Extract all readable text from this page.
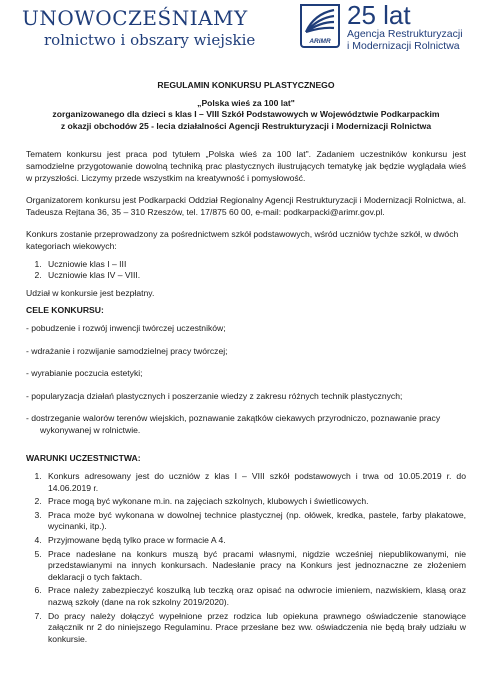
UNOWOCZEŚNIAMY
rolnictwo i obszary wiejskie	ARiMR
25 lat
Agencja Restrukturyzacji
i Modernizacji Rolnictwa

REGULAMIN KONKURSU PLASTYCZNEGO

„Polska wieś za 100 lat"
zorganizowanego dla dzieci s klas I – VIII Szkół Podstawowych w Województwie Podkarpackim
z okazji obchodów 25 - lecia działalności Agencji Restrukturyzacji i Modernizacji Rolnictwa

Tematem konkursu jest praca pod tytułem „Polska wieś za 100 lat". Zadaniem uczestników konkursu jest samodzielne przygotowanie dowolną techniką prac plastycznych ilustrujących tematykę jak będzie wyglądała wieś w przyszłości. Liczymy przede wszystkim na kreatywność i pomysłowość.

Organizatorem konkursu jest Podkarpacki Oddział Regionalny Agencji Restrukturyzacji i Modernizacji Rolnictwa, al. Tadeusza Rejtana 36, 35 – 310 Rzeszów, tel. 17/875 60 00, e-mail: podkarpacki@arimr.gov.pl.

Konkurs zostanie przeprowadzony za pośrednictwem szkół podstawowych, wśród uczniów tychże szkół, w dwóch kategoriach wiekowych:

1. Uczniowie klas I – III
2. Uczniowie klas IV – VIII.

Udział w konkursie jest bezpłatny.

CELE KONKURSU:

- pobudzenie i rozwój inwencji twórczej uczestników;

- wdrażanie i rozwijanie samodzielnej pracy twórczej;

- wyrabianie poczucia estetyki;

- popularyzacja działań plastycznych i poszerzanie wiedzy z zakresu różnych technik plastycznych;

- dostrzeganie walorów terenów wiejskich, poznawanie zakątków ciekawych przyrodniczo, poznawanie pracy wykonywanej w rolnictwie.

WARUNKI UCZESTNICTWA:

1. Konkurs adresowany jest do uczniów z klas I – VIII szkół podstawowych i trwa od 10.05.2019 r. do 14.06.2019 r.
2. Prace mogą być wykonane m.in. na zajęciach szkolnych, klubowych i świetlicowych.
3. Praca może być wykonana w dowolnej technice plastycznej (np. ołówek, kredka, pastele, farby plakatowe, wycinanki, itp.).
4. Przyjmowane będą tylko prace w formacie A 4.
5. Prace nadesłane na konkurs muszą być pracami własnymi, nigdzie wcześniej niepublikowanymi, nie przedstawianymi na innych konkursach. Nadesłanie pracy na Konkurs jest jednoznaczne ze złożeniem deklaracji o tych faktach.
6. Prace należy zabezpieczyć koszulką lub teczką oraz opisać na odwrocie imieniem, nazwiskiem, klasą oraz nazwą szkoły (dane na rok szkolny 2019/2020).
7. Do pracy należy dołączyć wypełnione przez rodzica lub opiekuna prawnego oświadczenie stanowiące załącznik nr 2 do niniejszego Regulaminu. Prace przesłane bez ww. oświadczenia nie będą brały udziału w konkursie.
